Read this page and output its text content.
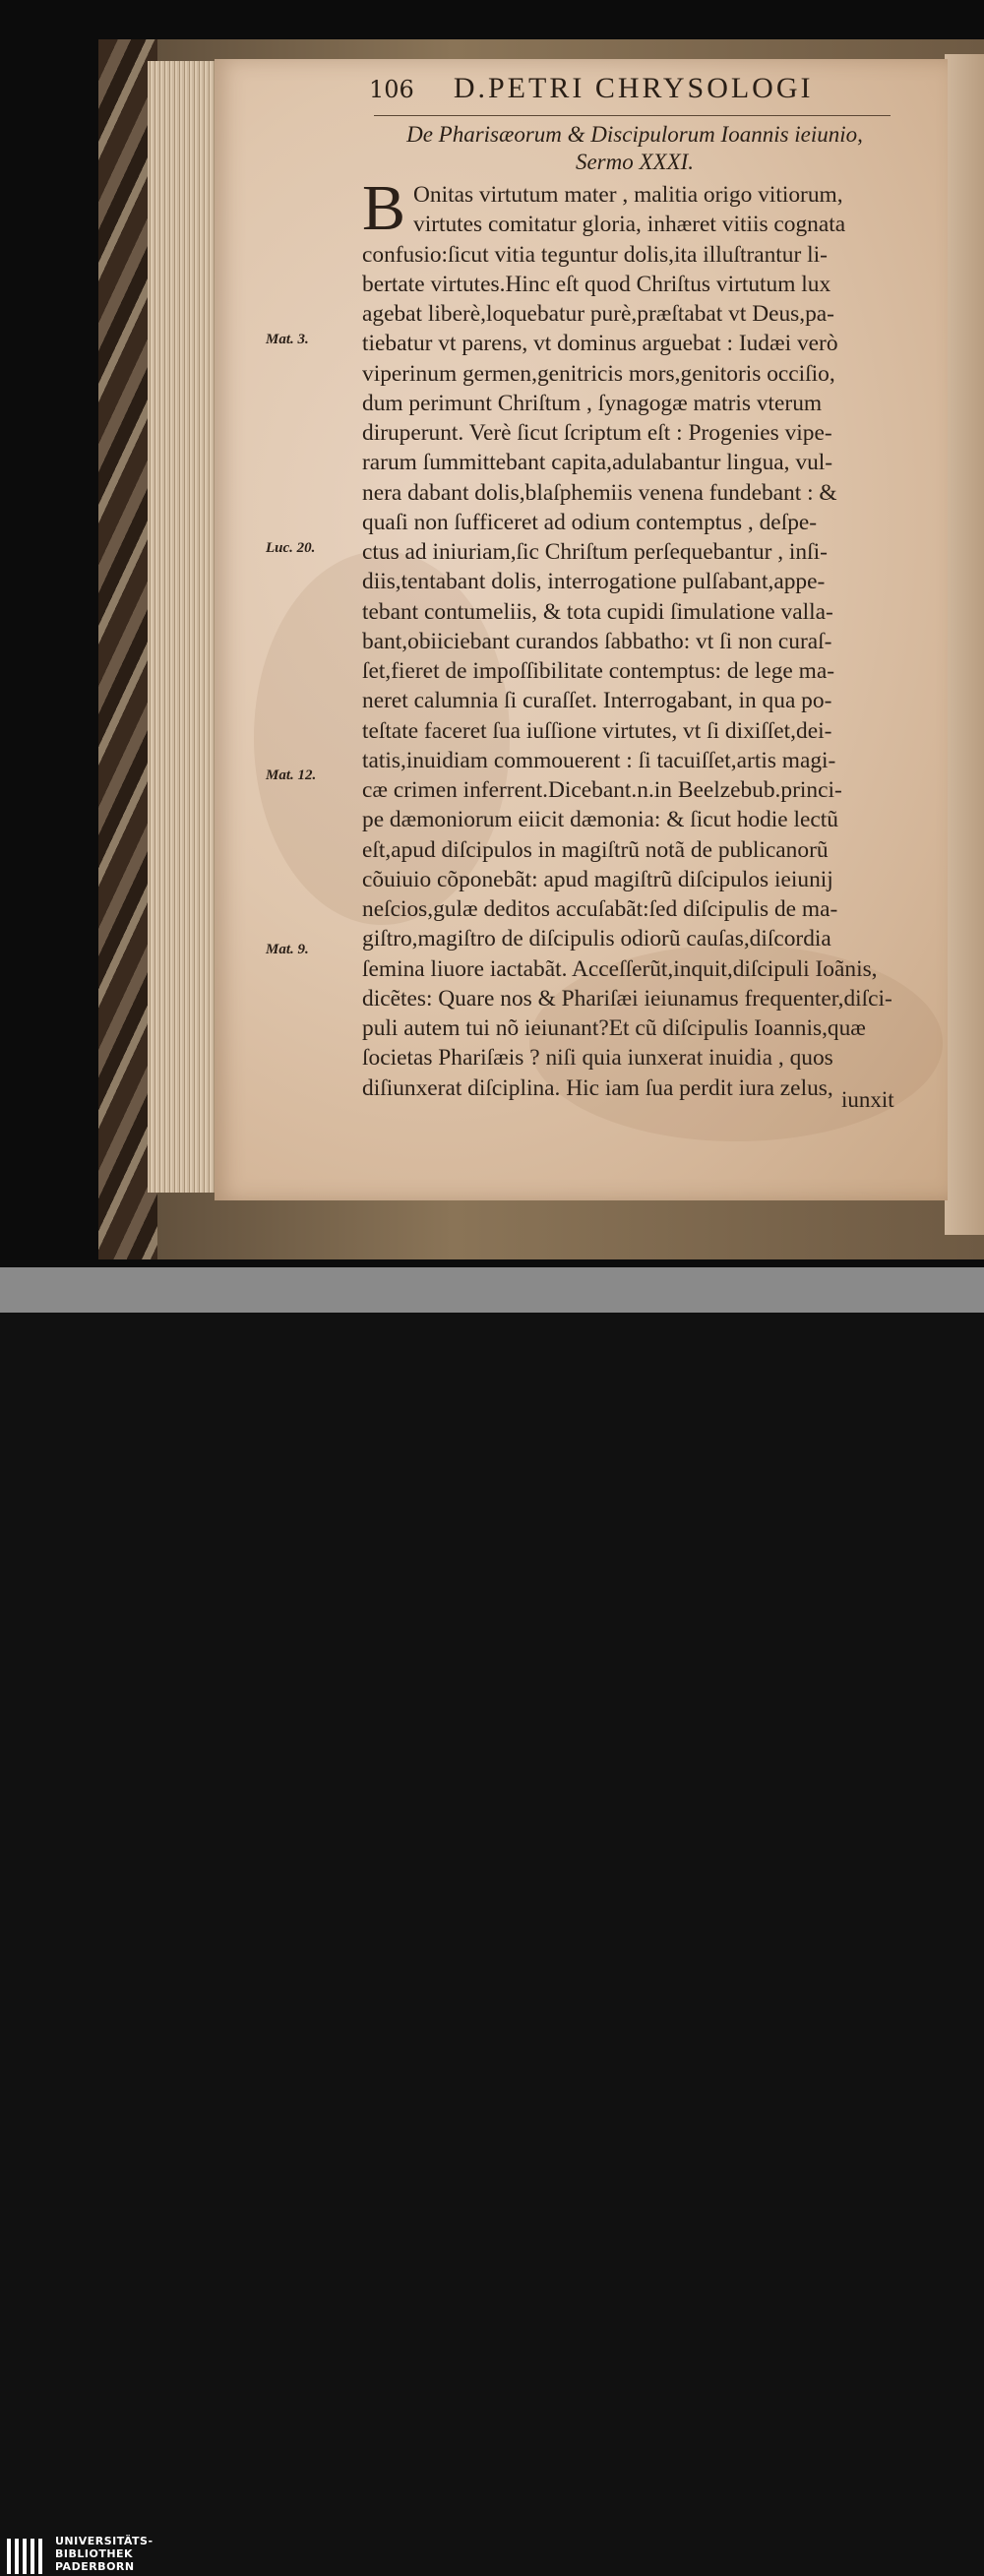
106 D.PETRI CHRYSOLOGI
De Pharisæorum & Discipulorum Ioannis ieiunio,
Sermo XXXI.
B Onitas virtutum mater , malitia origo vitiorum,
virtutes comitatur gloria, inhæret vitiis cognata
confusio:ſicut vitia teguntur dolis,ita illuſtrantur li-
bertate virtutes.Hinc eſt quod Chriſtus virtutum lux
agebat liberè,loquebatur purè,præſtabat vt Deus,pa-
tiebatur vt parens, vt dominus arguebat : Iudæi verò
viperinum germen,genitricis mors,genitoris occiſio,
dum perimunt Chriſtum , ſynagogæ matris vterum
diruperunt. Verè ſicut ſcriptum eſt : Progenies vipe-
rarum ſummittebant capita,adulabantur lingua, vul-
nera dabant dolis,blaſphemiis venena fundebant : &
quaſi non ſufficeret ad odium contemptus , deſpe-
ctus ad iniuriam,ſic Chriſtum perſequebantur , inſi-
diis,tentabant dolis, interrogatione pulſabant,appe-
tebant contumeliis, & tota cupidi ſimulatione valla-
bant,obiiciebant curandos ſabbatho: vt ſi non curaſ-
ſet,fieret de impoſſibilitate contemptus: de lege ma-
neret calumnia ſi curaſſet. Interrogabant, in qua po-
teſtate faceret ſua iuſſione virtutes, vt ſi dixiſſet,dei-
tatis,inuidiam commouerent : ſi tacuiſſet,artis magi-
cæ crimen inferrent.Dicebant.n.in Beelzebub.princi-
pe dæmoniorum eiicit dæmonia: & ſicut hodie lectũ
eſt,apud diſcipulos in magiſtrũ notã de publicanorũ
cõuiuio cõponebãt: apud magiſtrũ diſcipulos ieiunij
neſcios,gulæ deditos accuſabãt:ſed diſcipulis de ma-
giſtro,magiſtro de diſcipulis odiorũ cauſas,diſcordia
ſemina liuore iactabãt. Acceſſerũt,inquit,diſcipuli Ioãnis,
dicẽtes: Quare nos & Phariſæi ieiunamus frequenter,diſci-
puli autem tui nõ ieiunant?Et cũ diſcipulis Ioannis,quæ
ſocietas Phariſæis ? niſi quia iunxerat inuidia , quos
diſiunxerat diſciplina. Hic iam ſua perdit iura zelus,
Mat. 3.
Luc. 20.
Mat. 12.
Mat. 9.
iunxit
UNIVERSITÄTS-
BIBLIOTHEK
PADERBORN
